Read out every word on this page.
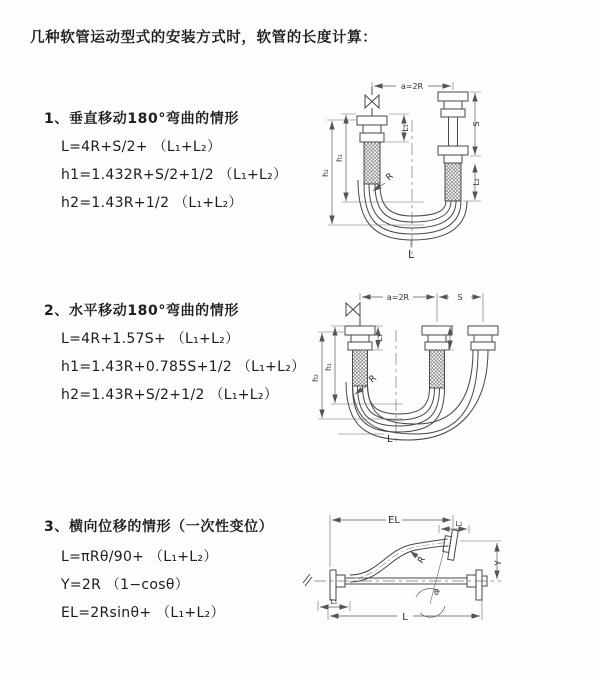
几种软管运动型式的安装方式时，软管的长度计算：
1、垂直移动180°弯曲的情形
L=4R+S/2+ （L₁+L₂）
h1=1.432R+S/2+1/2 （L₁+L₂）
h2=1.43R+1/2 （L₁+L₂）
a=2R
S
L₂
L₁
h₁
h₂	R
L
2、水平移动180°弯曲的情形
L=4R+1.57S+ （L₁+L₂）
h1=1.43R+0.785S+1/2 （L₁+L₂）
h2=1.43R+S/2+1/2 （L₁+L₂）
a=2R	S
h₁
h₂
L₁
R
L
3、横向位移的情形（一次性变位）
L=πRθ/90+ （L₁+L₂）
Y=2R （1−cosθ）
EL=2Rsinθ+ （L₁+L₂）
EL	L₂
Y
θ
R
L₁
L
